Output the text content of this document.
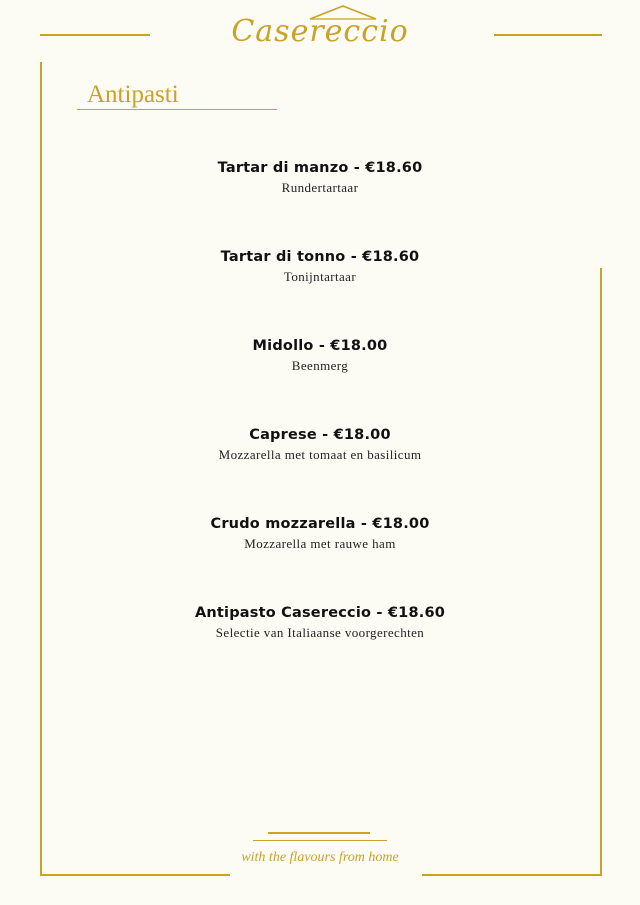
Casereccio
Antipasti
Tartar di manzo - €18.60
Rundertartaar
Tartar di tonno - €18.60
Tonijntartaar
Midollo - €18.00
Beenmerg
Caprese - €18.00
Mozzarella met tomaat en basilicum
Crudo mozzarella - €18.00
Mozzarella met rauwe ham
Antipasto Casereccio - €18.60
Selectie van Italiaanse voorgerechten
with the flavours from home
